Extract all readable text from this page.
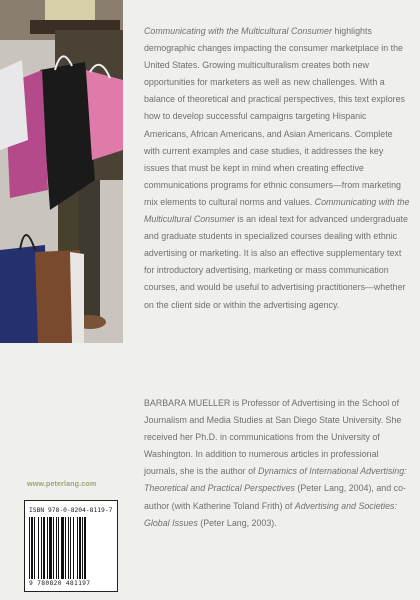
Communicating with the Multicultural Consumer highlights demographic changes impacting the consumer marketplace in the United States. Growing multiculturalism creates both new opportunities for marketers as well as new challenges. With a balance of theoretical and practical perspectives, this text explores how to develop successful campaigns targeting Hispanic Americans, African Americans, and Asian Americans. Complete with current examples and case studies, it addresses the key issues that must be kept in mind when creating effective communications programs for ethnic consumers—from marketing mix elements to cultural norms and values. Communicating with the Multicultural Consumer is an ideal text for advanced undergraduate and graduate students in specialized courses dealing with ethnic advertising or marketing. It is also an effective supplementary text for introductory advertising, marketing or mass communication courses, and would be useful to advertising practitioners—whether on the client side or within the advertising agency.

BARBARA MUELLER is Professor of Advertising in the School of Journalism and Media Studies at San Diego State University. She received her Ph.D. in communications from the University of Washington. In addition to numerous articles in professional journals, she is the author of Dynamics of International Advertising: Theoretical and Practical Perspectives (Peter Lang, 2004), and co-author (with Katherine Toland Frith) of Advertising and Societies: Global Issues (Peter Lang, 2003).

www.peterlang.com
ISBN 978-0-8204-8119-7
9 780820 481197
